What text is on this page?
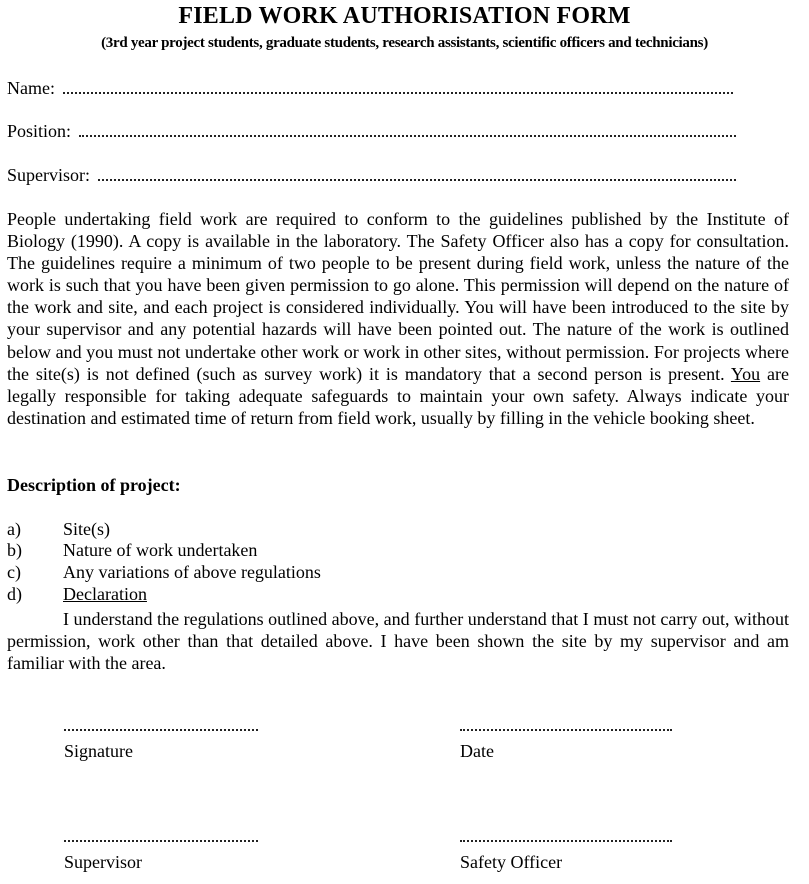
FIELD WORK AUTHORISATION FORM
(3rd year project students, graduate students, research assistants, scientific officers and technicians)
Name:
Position:
Supervisor:
People undertaking field work are required to conform to the guidelines published by the Institute of Biology (1990). A copy is available in the laboratory. The Safety Officer also has a copy for consultation. The guidelines require a minimum of two people to be present during field work, unless the nature of the work is such that you have been given permission to go alone. This permission will depend on the nature of the work and site, and each project is considered individually. You will have been introduced to the site by your supervisor and any potential hazards will have been pointed out. The nature of the work is outlined below and you must not undertake other work or work in other sites, without permission. For projects where the site(s) is not defined (such as survey work) it is mandatory that a second person is present. You are legally responsible for taking adequate safeguards to maintain your own safety. Always indicate your destination and estimated time of return from field work, usually by filling in the vehicle booking sheet.
Description of project:
a) Site(s)
b) Nature of work undertaken
c) Any variations of above regulations
d) Declaration
I understand the regulations outlined above, and further understand that I must not carry out, without permission, work other than that detailed above. I have been shown the site by my supervisor and am familiar with the area.
Signature	Date
Supervisor	Safety Officer
